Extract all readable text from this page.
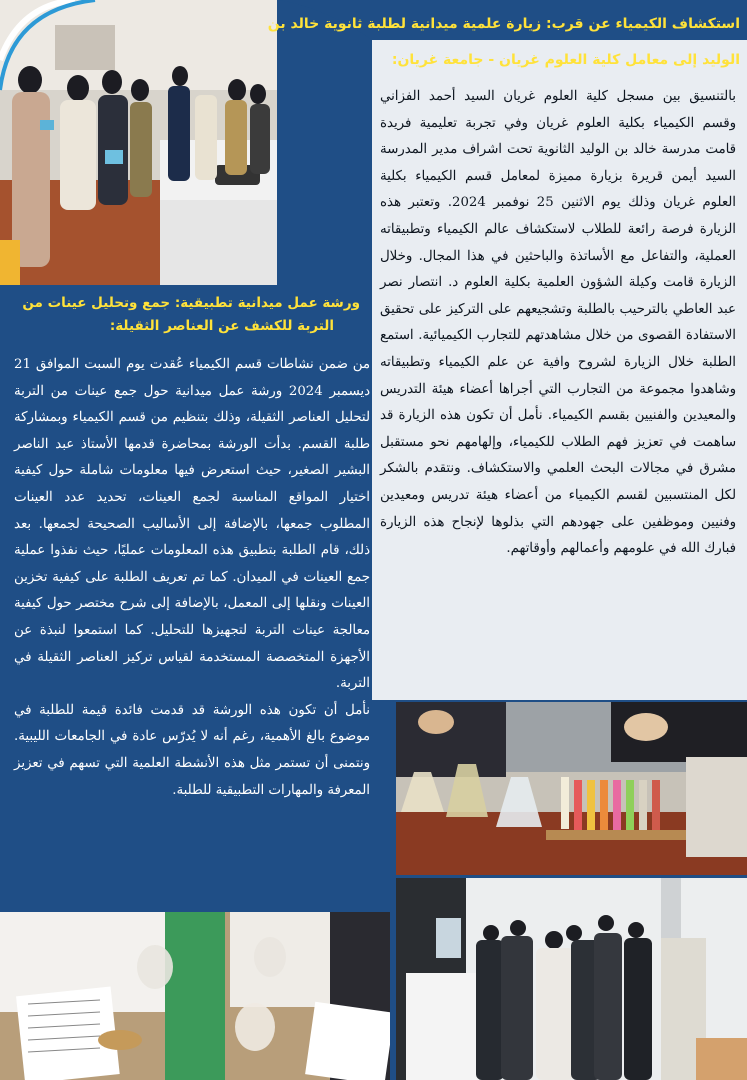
استكشاف الكيمياء عن قرب: زيارة علمية ميدانية لطلبة ثانوية خالد بن
الوليد إلى معامل كلية العلوم غريان - جامعة غريان:

بالتنسيق بين مسجل كلية العلوم غريان السيد أحمد الفزاني وقسم الكيمياء بكلية العلوم غريان وفي تجربة تعليمية فريدة قامت مدرسة خالد بن الوليد الثانوية تحت اشراف مدير المدرسة السيد أيمن قريرة بزيارة مميزة لمعامل قسم الكيمياء بكلية العلوم غريان وذلك يوم الاثنين 25 نوفمبر 2024. وتعتبر هذه الزيارة فرصة رائعة للطلاب لاستكشاف عالم الكيمياء وتطبيقاته العملية، والتفاعل مع الأساتذة والباحثين في هذا المجال. وخلال الزيارة قامت وكيلة الشؤون العلمية بكلية العلوم د. انتصار نصر عبد العاطي بالترحيب بالطلبة وتشجيعهم على التركيز على تحقيق الاستفادة القصوى من خلال مشاهدتهم للتجارب الكيميائية. استمع الطلبة خلال الزيارة لشروح وافية عن علم الكيمياء وتطبيقاته وشاهدوا مجموعة من التجارب التي أجراها أعضاء هيئة التدريس والمعيدين والفنيين بقسم الكيمياء. نأمل أن تكون هذه الزيارة قد ساهمت في تعزيز فهم الطلاب للكيمياء، وإلهامهم نحو مستقبل مشرق في مجالات البحث العلمي والاستكشاف. ونتقدم بالشكر لكل المنتسبين لقسم الكيمياء من أعضاء هيئة تدريس ومعيدين وفنيين وموظفين على جهودهم التي بذلوها لإنجاح هذه الزيارة فبارك الله في علومهم وأعمالهم وأوقاتهم.

ورشة عمل ميدانية تطبيقية: جمع وتحليل عينات من
التربة للكشف عن العناصر الثقيلة:

من ضمن نشاطات قسم الكيمياء عُقدت يوم السبت الموافق 21 ديسمبر 2024 ورشة عمل ميدانية حول جمع عينات من التربة لتحليل العناصر الثقيلة، وذلك بتنظيم من قسم الكيمياء وبمشاركة طلبة القسم. بدأت الورشة بمحاضرة قدمها الأستاذ عبد الناصر البشير الصغير، حيث استعرض فيها معلومات شاملة حول كيفية اختيار المواقع المناسبة لجمع العينات، تحديد عدد العينات المطلوب جمعها، بالإضافة إلى الأساليب الصحيحة لجمعها. بعد ذلك، قام الطلبة بتطبيق هذه المعلومات عمليًا، حيث نفذوا عملية جمع العينات في الميدان. كما تم تعريف الطلبة على كيفية تخزين العينات ونقلها إلى المعمل، بالإضافة إلى شرح مختصر حول كيفية معالجة عينات التربة لتجهيزها للتحليل. كما استمعوا لنبذة عن الأجهزة المتخصصة المستخدمة لقياس تركيز العناصر الثقيلة في التربة.

نأمل أن تكون هذه الورشة قد قدمت فائدة قيمة للطلبة في موضوع بالغ الأهمية، رغم أنه لا يُدرّس عادة في الجامعات الليبية. ونتمنى أن تستمر مثل هذه الأنشطة العلمية التي تسهم في تعزيز المعرفة والمهارات التطبيقية للطلبة.
